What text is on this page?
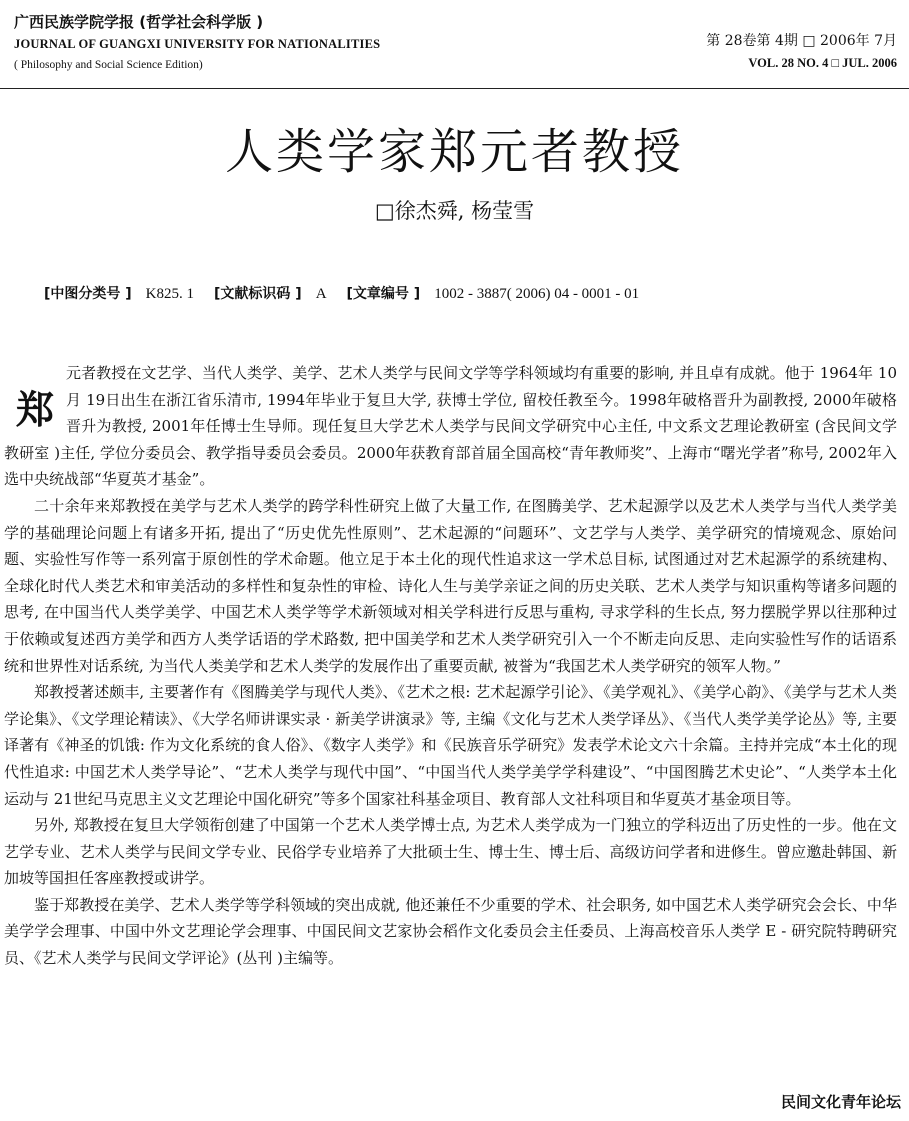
广西民族学院学报 (哲学社会科学版 )
JOURNAL OF GUANGXI UNIVERSITY FOR NATIONALITIES
( Philosophy and Social Science Edition)
第 28卷第 4期 □ 2006年 7月
VOL. 28 NO. 4 □ JUL. 2006
人类学家郑元者教授
□徐杰舜, 杨莹雪
[中图分类号 ] K825. 1 [文献标识码 ] A [文章编号 ] 1002 - 3887( 2006) 04 - 0001 - 01

郑
元者教授在文艺学、当代人类学、美学、艺术人类学与民间文学等学科领域均有重要的影响, 并且卓有成就。他于 1964年 10月 19日出生在浙江省乐清市, 1994年毕业于复旦大学, 获博士学位, 留校任教至今。1998年破格晋升为副教授, 2000年破格晋升为教授, 2001年任博士生导师。现任复旦大学艺术人类学与民间文学研究中心主任, 中文系文艺理论教研室 (含民间文学教研室 )主任, 学位分委员会、教学指导委员会委员。2000年获教育部首届全国高校“青年教师奖”、上海市“曙光学者”称号, 2002年入选中央统战部“华夏英才基金”。

二十余年来郑教授在美学与艺术人类学的跨学科性研究上做了大量工作, 在图腾美学、艺术起源学以及艺术人类学与当代人类学美学的基础理论问题上有诸多开拓, 提出了“历史优先性原则”、艺术起源的“问题环”、文艺学与人类学、美学研究的情境观念、原始问题、实验性写作等一系列富于原创性的学术命题。他立足于本土化的现代性追求这一学术总目标, 试图通过对艺术起源学的系统建构、全球化时代人类艺术和审美活动的多样性和复杂性的审检、诗化人生与美学亲证之间的历史关联、艺术人类学与知识重构等诸多问题的思考, 在中国当代人类学美学、中国艺术人类学等学术新领域对相关学科进行反思与重构, 寻求学科的生长点, 努力摆脱学界以往那种过于依赖或复述西方美学和西方人类学话语的学术路数, 把中国美学和艺术人类学研究引入一个不断走向反思、走向实验性写作的话语系统和世界性对话系统, 为当代人类美学和艺术人类学的发展作出了重要贡献, 被誉为“我国艺术人类学研究的领军人物。”

郑教授著述颇丰, 主要著作有《图腾美学与现代人类》、《艺术之根: 艺术起源学引论》、《美学观礼》、《美学心韵》、《美学与艺术人类学论集》、《文学理论精读》、《大学名师讲课实录 · 新美学讲演录》等, 主编《文化与艺术人类学译丛》、《当代人类学美学论丛》等, 主要译著有《神圣的饥饿: 作为文化系统的食人俗》、《数字人类学》和《民族音乐学研究》发表学术论文六十余篇。主持并完成“本土化的现代性追求: 中国艺术人类学导论”、“艺术人类学与现代中国”、“中国当代人类学美学学科建设”、“中国图腾艺术史论”、“人类学本土化运动与 21世纪马克思主义文艺理论中国化研究”等多个国家社科基金项目、教育部人文社科项目和华夏英才基金项目等。

另外, 郑教授在复旦大学领衔创建了中国第一个艺术人类学博士点, 为艺术人类学成为一门独立的学科迈出了历史性的一步。他在文艺学专业、艺术人类学与民间文学专业、民俗学专业培养了大批硕士生、博士生、博士后、高级访问学者和进修生。曾应邀赴韩国、新加坡等国担任客座教授或讲学。

鉴于郑教授在美学、艺术人类学等学科领域的突出成就, 他还兼任不少重要的学术、社会职务, 如中国艺术人类学研究会会长、中华美学学会理事、中国中外文艺理论学会理事、中国民间文艺家协会稻作文化委员会主任委员、上海高校音乐人类学 E - 研究院特聘研究员、《艺术人类学与民间文学评论》(丛刊 )主编等。

民间文化青年论坛
